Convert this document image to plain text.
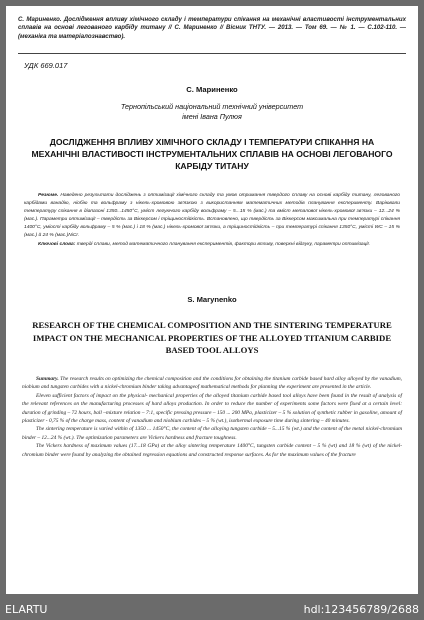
С. Мариненко. Дослідження впливу хімічного складу і температури спікання на механічні властивості інструментальних сплавів на основі легованого карбіду титану // С. Мариненко // Вісник ТНТУ. — 2013. — Том 69. — № 1. — С.102-110. — (механіка та матеріалознавство).
УДК 669.017
С. Мариненко
Тернопільський національний технічний університет
імені Івана Пулюя
ДОСЛІДЖЕННЯ ВПЛИВУ ХІМІЧНОГО СКЛАДУ І ТЕМПЕРАТУРИ СПІКАННЯ НА МЕХАНІЧНІ ВЛАСТИВОСТІ ІНСТРУМЕНТАЛЬНИХ СПЛАВІВ НА ОСНОВІ ЛЕГОВАНОГО КАРБІДУ ТИТАНУ

Резюме. Наведено результати досліджень з оптимізації хімічного складу та умов отримання твердого сплаву на основі карбіду титану, легованого карбідами ванадію, ніобію та вольфраму з нікель-хромовою зв'язкою з використанням математичних методів планування експерименту. Варіювали температуру спікання в діапазоні 1350...1450°С, уміст легуючого карбіду вольфраму – 5...15 % (мас.) та вміст металової нікель-хромової зв'язки – 12...24 % (мас.). Параметри оптимізації – твердість за Віккерсом і тріщиностійкість. Встановлено, що твердість за Віккерсом максимальна при температурі спікання 1400°С, уміості карбіду вольфраму – 5 % (мас.) і 18 % (мас.) нікель-хромової зв'язки, а тріщиностійкість – при температурі спікання 1350°С, умісті WC – 15 % (мас.) й 24 % (мас.)NiCr.

Ключові слова: тверді сплави, метод математичного планування експериментів, фактори впливу, поверхні відгуку, параметри оптимізації.

S. Marynenko
RESEARCH OF THE CHEMICAL COMPOSITION AND THE SINTERING TEMPERATURE IMPACT ON THE MECHANICAL PROPERTIES OF THE ALLOYED TITANIUM CARBIDE BASED TOOL ALLOYS

Summary. The research results on optimizing the chemical composition and the conditions for obtaining the titanium carbide based hard alloy alloyed by the vanadium, niobium and tungsten carbides with a nickel-chromium binder taking advantageof mathematical methods for planning the experiment are presented in the article.

Eleven sufficient factors of impact on the physical- mechanical properties of the alloyed titanium carbide based tool alloys have been found in the result of analysis of the relevant references on the manufacturing processes of hard alloys production. In order to reduce the number of experiments some factors were fixed at a certain level: duration of grinding – 72 hours, ball –mixture relation – 7:1, specific pressing pressure – 150 ... 200 MPa, plasticizer – 5 % solution of synthetic rubber in gasoline, amount of plasticizer - 0,75 % of the charge mass, content of vanadium and niobium carbides – 5 % (wt.), isothermal exposure time during sintering – 40 minutes.

The sintering temperature is varied within of 1350 ... 1450°С, the content of the alloying tungsten carbide – 5...15 % (wt.) and the content of the metal nickel-chromium binder – 12...24 % (wt.). The optimization parameters are Vickers hardness and fracture toughness.

The Vickers hardness of maximum values (17...18 GPa) at the alloy sintering temperature 1400°С, tungsten carbide content – 5 % (wt) and 18 % (wt) of the nickel-chromium binder were found by analyzing the obtained regression equations and constructed response surfaces. As for the maximum values of the fracture

ELARTU	hdl:123456789/2688
